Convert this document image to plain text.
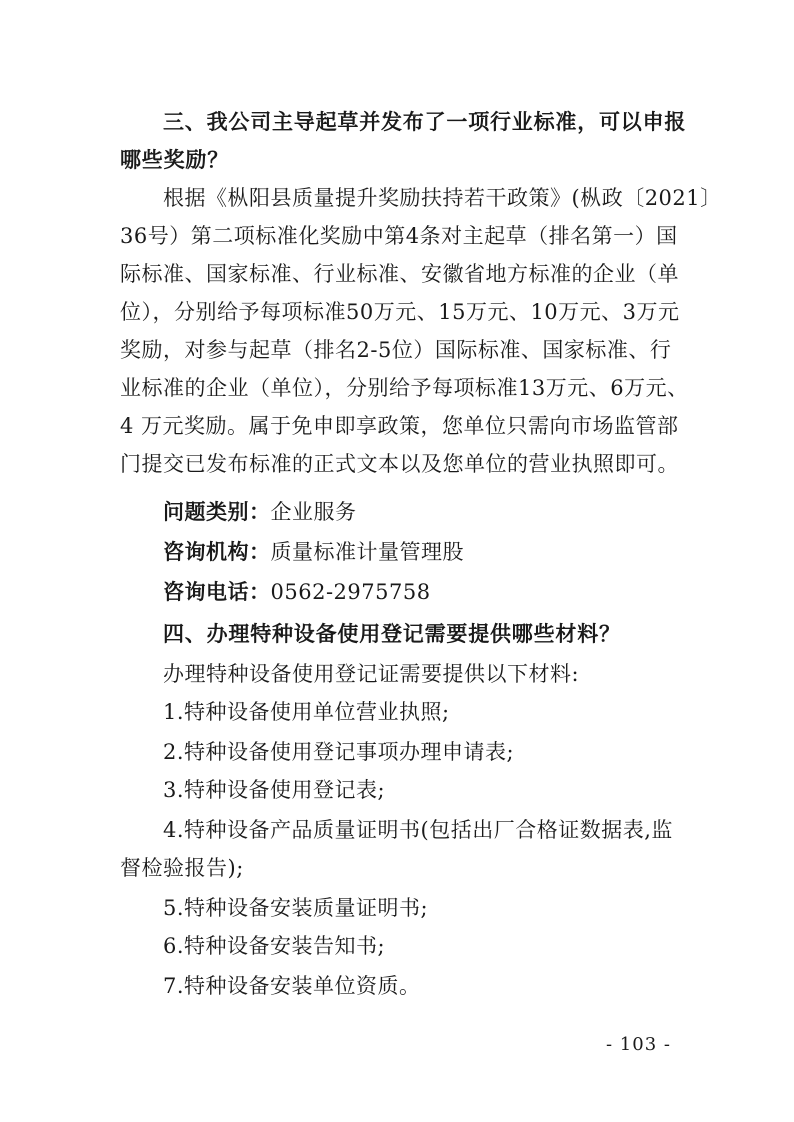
三、我公司主导起草并发布了一项行业标准，可以申报
哪些奖励？
根据《枞阳县质量提升奖励扶持若干政策》(枞政〔2021〕
36号）第二项标准化奖励中第4条对主起草（排名第一）国
际标准、国家标准、行业标准、安徽省地方标准的企业（单
位），分别给予每项标准50万元、15万元、10万元、3万元
奖励，对参与起草（排名2-5位）国际标准、国家标准、行
业标准的企业（单位），分别给予每项标准13万元、6万元、
4 万元奖励。属于免申即享政策，您单位只需向市场监管部
门提交已发布标准的正式文本以及您单位的营业执照即可。
问题类别：企业服务
咨询机构：质量标准计量管理股
咨询电话：0562-2975758
四、办理特种设备使用登记需要提供哪些材料？
办理特种设备使用登记证需要提供以下材料:
1.特种设备使用单位营业执照;
2.特种设备使用登记事项办理申请表;
3.特种设备使用登记表;
4.特种设备产品质量证明书(包括出厂合格证数据表,监
督检验报告);
5.特种设备安装质量证明书;
6.特种设备安装告知书;
7.特种设备安装单位资质。
- 103 -
